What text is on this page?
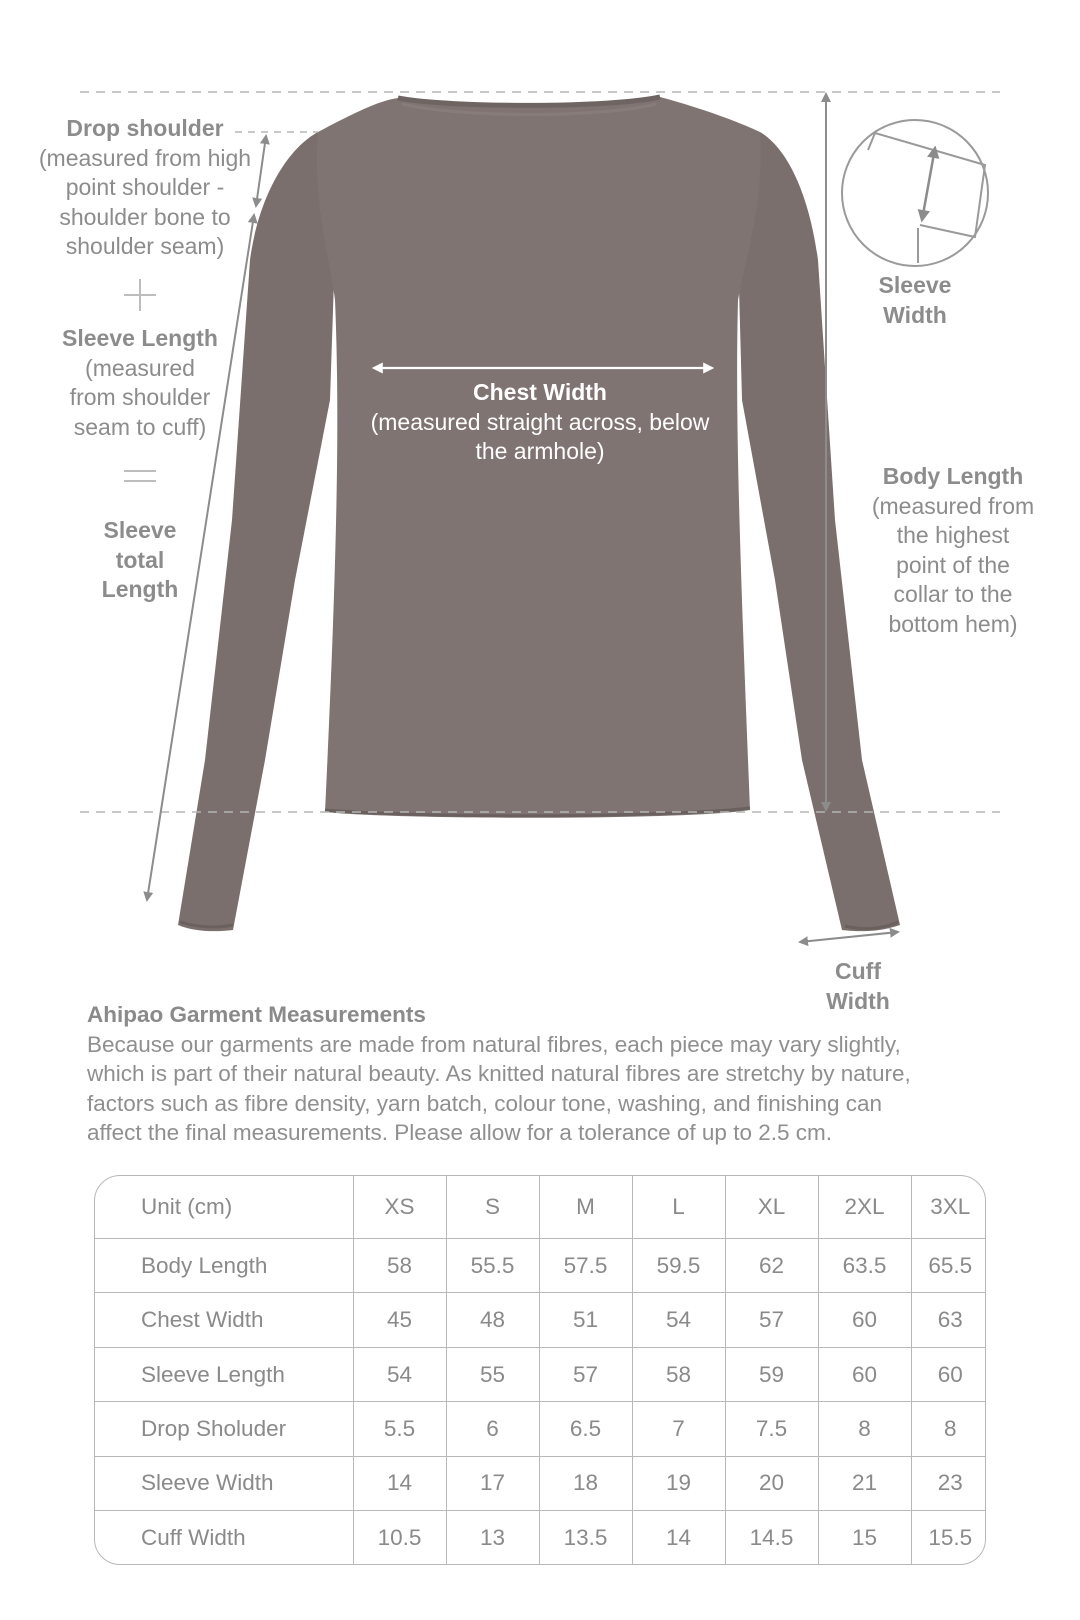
Drop shoulder
(measured from high
point shoulder -
shoulder bone to
shoulder seam)
Sleeve Length
(measured
from shoulder
seam to cuff)
Sleeve
total
Length
Chest Width
(measured straight across, below
the armhole)
Sleeve
Width
Body Length
(measured from
the highest
point of the
collar to the
bottom hem)
Cuff
Width
Ahipao Garment Measurements
Because our garments are made from natural fibres, each piece may vary slightly,
which is part of their natural beauty. As knitted natural fibres are stretchy by nature,
factors such as fibre density, yarn batch, colour tone, washing, and finishing can
affect the final measurements. Please allow for a tolerance of up to 2.5 cm.
Unit (cm)	XS	S	M	L	XL	2XL	3XL
Body Length	58	55.5	57.5	59.5	62	63.5	65.5
Chest Width	45	48	51	54	57	60	63
Sleeve Length	54	55	57	58	59	60	60
Drop Sholuder	5.5	6	6.5	7	7.5	8	8
Sleeve Width	14	17	18	19	20	21	23
Cuff Width	10.5	13	13.5	14	14.5	15	15.5
